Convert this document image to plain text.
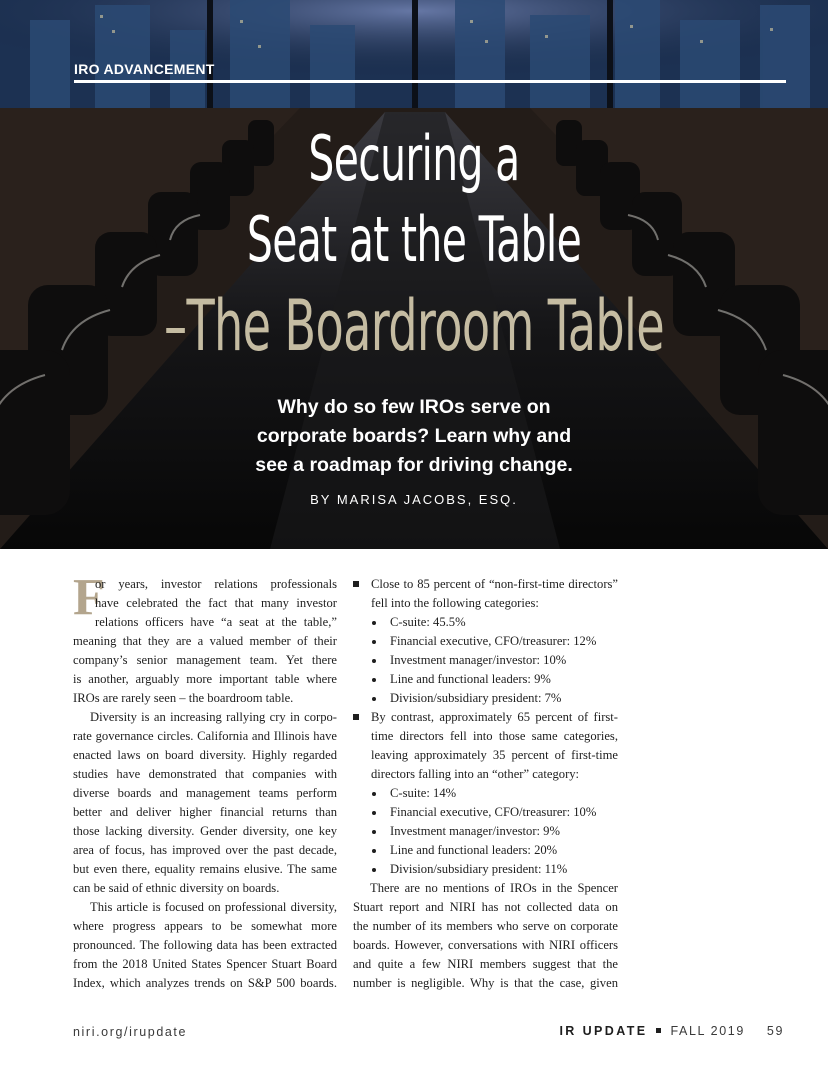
IRO ADVANCEMENT
Securing a
Seat at the Table
–The Boardroom Table
Why do so few IROs serve on
corporate boards? Learn why and
see a roadmap for driving change.
BY MARISA JACOBS, ESQ.
F
or years, investor relations professionals
have celebrated the fact that many investor
relations officers have “a seat at the table,”
meaning that they are a valued member of their
company’s senior management team. Yet there
is another, arguably more important table where
IROs are rarely seen – the boardroom table.
Diversity is an increasing rallying cry in corpo-
rate governance circles. California and Illinois have
enacted laws on board diversity. Highly regarded
studies have demonstrated that companies with
diverse boards and management teams perform
better and deliver higher financial returns than
those lacking diversity. Gender diversity, one key
area of focus, has improved over the past decade,
but even there, equality remains elusive. The same
can be said of ethnic diversity on boards.
This article is focused on professional diversity,
where progress appears to be somewhat more
pronounced. The following data has been extracted
from the 2018 United States Spencer Stuart Board
Index, which analyzes trends on S&P 500 boards.
Close to 85 percent of “non-first-time directors”
fell into the following categories:
C-suite: 45.5%
Financial executive, CFO/treasurer: 12%
Investment manager/investor: 10%
Line and functional leaders: 9%
Division/subsidiary president: 7%
By contrast, approximately 65 percent of first-
time directors fell into those same categories,
leaving approximately 35 percent of first-time
directors falling into an “other” category:
C-suite: 14%
Financial executive, CFO/treasurer: 10%
Investment manager/investor: 9%
Line and functional leaders: 20%
Division/subsidiary president: 11%
There are no mentions of IROs in the Spencer
Stuart report and NIRI has not collected data on
the number of its members who serve on corporate
boards. However, conversations with NIRI officers
and quite a few NIRI members suggest that the
number is negligible. Why is that the case, given
niri.org/irupdate	IR UPDATE FALL 2019 59
